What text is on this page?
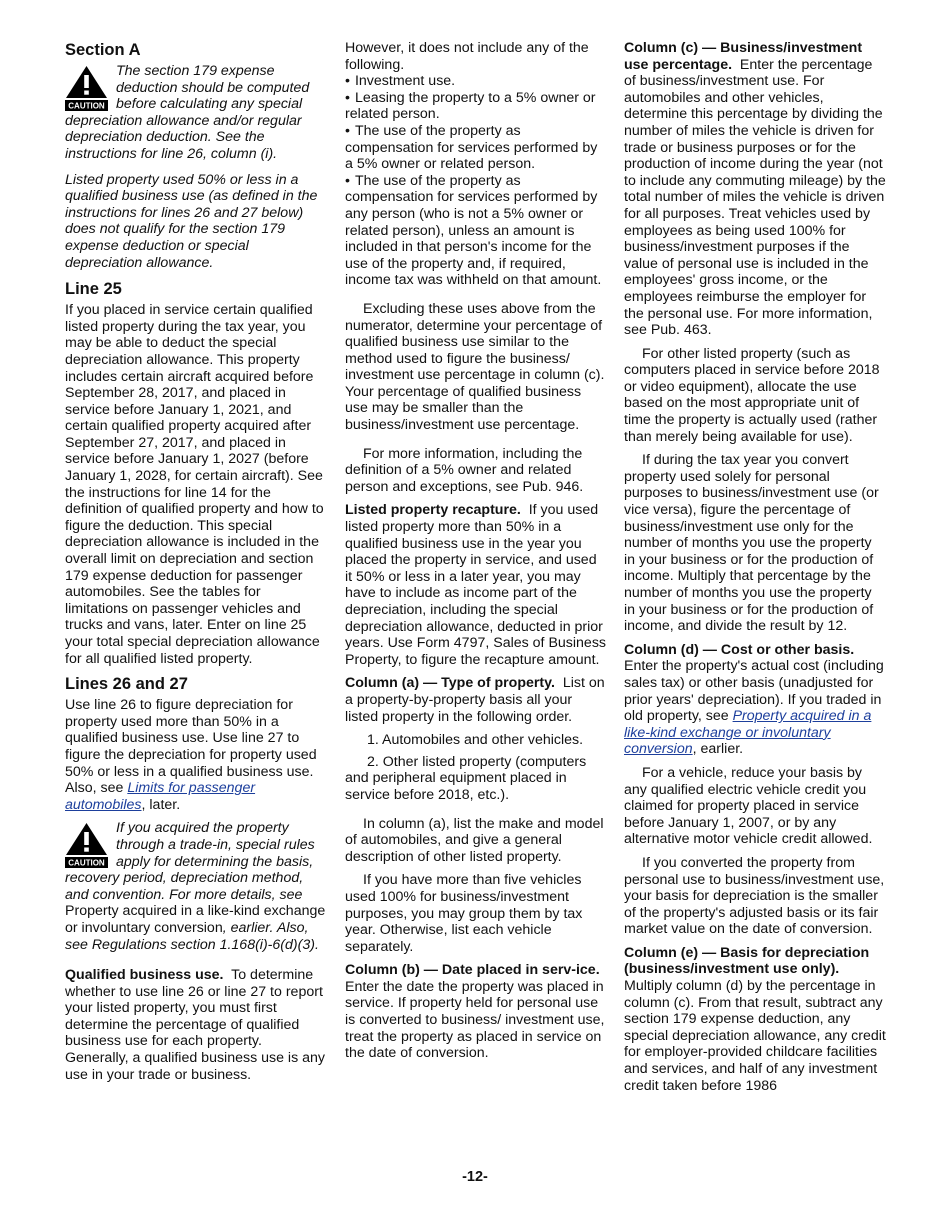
Section A
CAUTION
The section 179 expense deduction should be computed before calculating any special depreciation allowance and/or regular depreciation deduction. See the instructions for line 26, column (i).

Listed property used 50% or less in a qualified business use (as defined in the instructions for lines 26 and 27 below) does not qualify for the section 179 expense deduction or special depreciation allowance.

Line 25

If you placed in service certain qualified listed property during the tax year, you may be able to deduct the special depreciation allowance. This property includes certain aircraft acquired before September 28, 2017, and placed in service before January 1, 2021, and certain qualified property acquired after September 27, 2017, and placed in service before January 1, 2027 (before January 1, 2028, for certain aircraft). See the instructions for line 14 for the definition of qualified property and how to figure the deduction. This special depreciation allowance is included in the overall limit on depreciation and section 179 expense deduction for passenger automobiles. See the tables for limitations on passenger vehicles and trucks and vans, later. Enter on line 25 your total special depreciation allowance for all qualified listed property.

Lines 26 and 27

Use line 26 to figure depreciation for property used more than 50% in a qualified business use. Use line 27 to figure the depreciation for property used 50% or less in a qualified business use. Also, see Limits for passenger automobiles, later.

CAUTION
If you acquired the property through a trade-in, special rules apply for determining the basis, recovery period, depreciation method, and convention. For more details, see Property acquired in a like-kind exchange or involuntary conversion, earlier. Also, see Regulations section 1.168(i)-6(d)(3).

Qualified business use. To determine whether to use line 26 or line 27 to report your listed property, you must first determine the percentage of qualified business use for each property. Generally, a qualified business use is any use in your trade or business.

However, it does not include any of the following.

• Investment use.

• Leasing the property to a 5% owner or related person.

• The use of the property as compensation for services performed by a 5% owner or related person.

• The use of the property as compensation for services performed by any person (who is not a 5% owner or related person), unless an amount is included in that person's income for the use of the property and, if required, income tax was withheld on that amount.

Excluding these uses above from the numerator, determine your percentage of qualified business use similar to the method used to figure the business/ investment use percentage in column (c). Your percentage of qualified business use may be smaller than the business/investment use percentage.

For more information, including the definition of a 5% owner and related person and exceptions, see Pub. 946.

Listed property recapture. If you used listed property more than 50% in a qualified business use in the year you placed the property in service, and used it 50% or less in a later year, you may have to include as income part of the depreciation, including the special depreciation allowance, deducted in prior years. Use Form 4797, Sales of Business Property, to figure the recapture amount.

Column (a) — Type of property. List on a property-by-property basis all your listed property in the following order.

1. Automobiles and other vehicles.
2. Other listed property (computers and peripheral equipment placed in service before 2018, etc.).

In column (a), list the make and model of automobiles, and give a general description of other listed property.

If you have more than five vehicles used 100% for business/investment purposes, you may group them by tax year. Otherwise, list each vehicle separately.

Column (b) — Date placed in serv-ice.  Enter the date the property was placed in service. If property held for personal use is converted to business/ investment use, treat the property as placed in service on the date of conversion.

Column (c) — Business/investment use percentage. Enter the percentage of business/investment use. For automobiles and other vehicles, determine this percentage by dividing the number of miles the vehicle is driven for trade or business purposes or for the production of income during the year (not to include any commuting mileage) by the total number of miles the vehicle is driven for all purposes. Treat vehicles used by employees as being used 100% for business/investment purposes if the value of personal use is included in the employees' gross income, or the employees reimburse the employer for the personal use. For more information, see Pub. 463.

For other listed property (such as computers placed in service before 2018 or video equipment), allocate the use based on the most appropriate unit of time the property is actually used (rather than merely being available for use).

If during the tax year you convert property used solely for personal purposes to business/investment use (or vice versa), figure the percentage of business/investment use only for the number of months you use the property in your business or for the production of income. Multiply that percentage by the number of months you use the property in your business or for the production of income, and divide the result by 12.

Column (d) — Cost or other basis. Enter the property's actual cost (including sales tax) or other basis (unadjusted for prior years' depreciation). If you traded in old property, see Property acquired in a like-kind exchange or involuntary conversion, earlier.

For a vehicle, reduce your basis by any qualified electric vehicle credit you claimed for property placed in service before January 1, 2007, or by any alternative motor vehicle credit allowed.

If you converted the property from personal use to business/investment use, your basis for depreciation is the smaller of the property's adjusted basis or its fair market value on the date of conversion.

Column (e) — Basis for depreciation (business/investment use only). Multiply column (d) by the percentage in column (c). From that result, subtract any section 179 expense deduction, any special depreciation allowance, any credit for employer-provided childcare facilities and services, and half of any investment credit taken before 1986

-12-
